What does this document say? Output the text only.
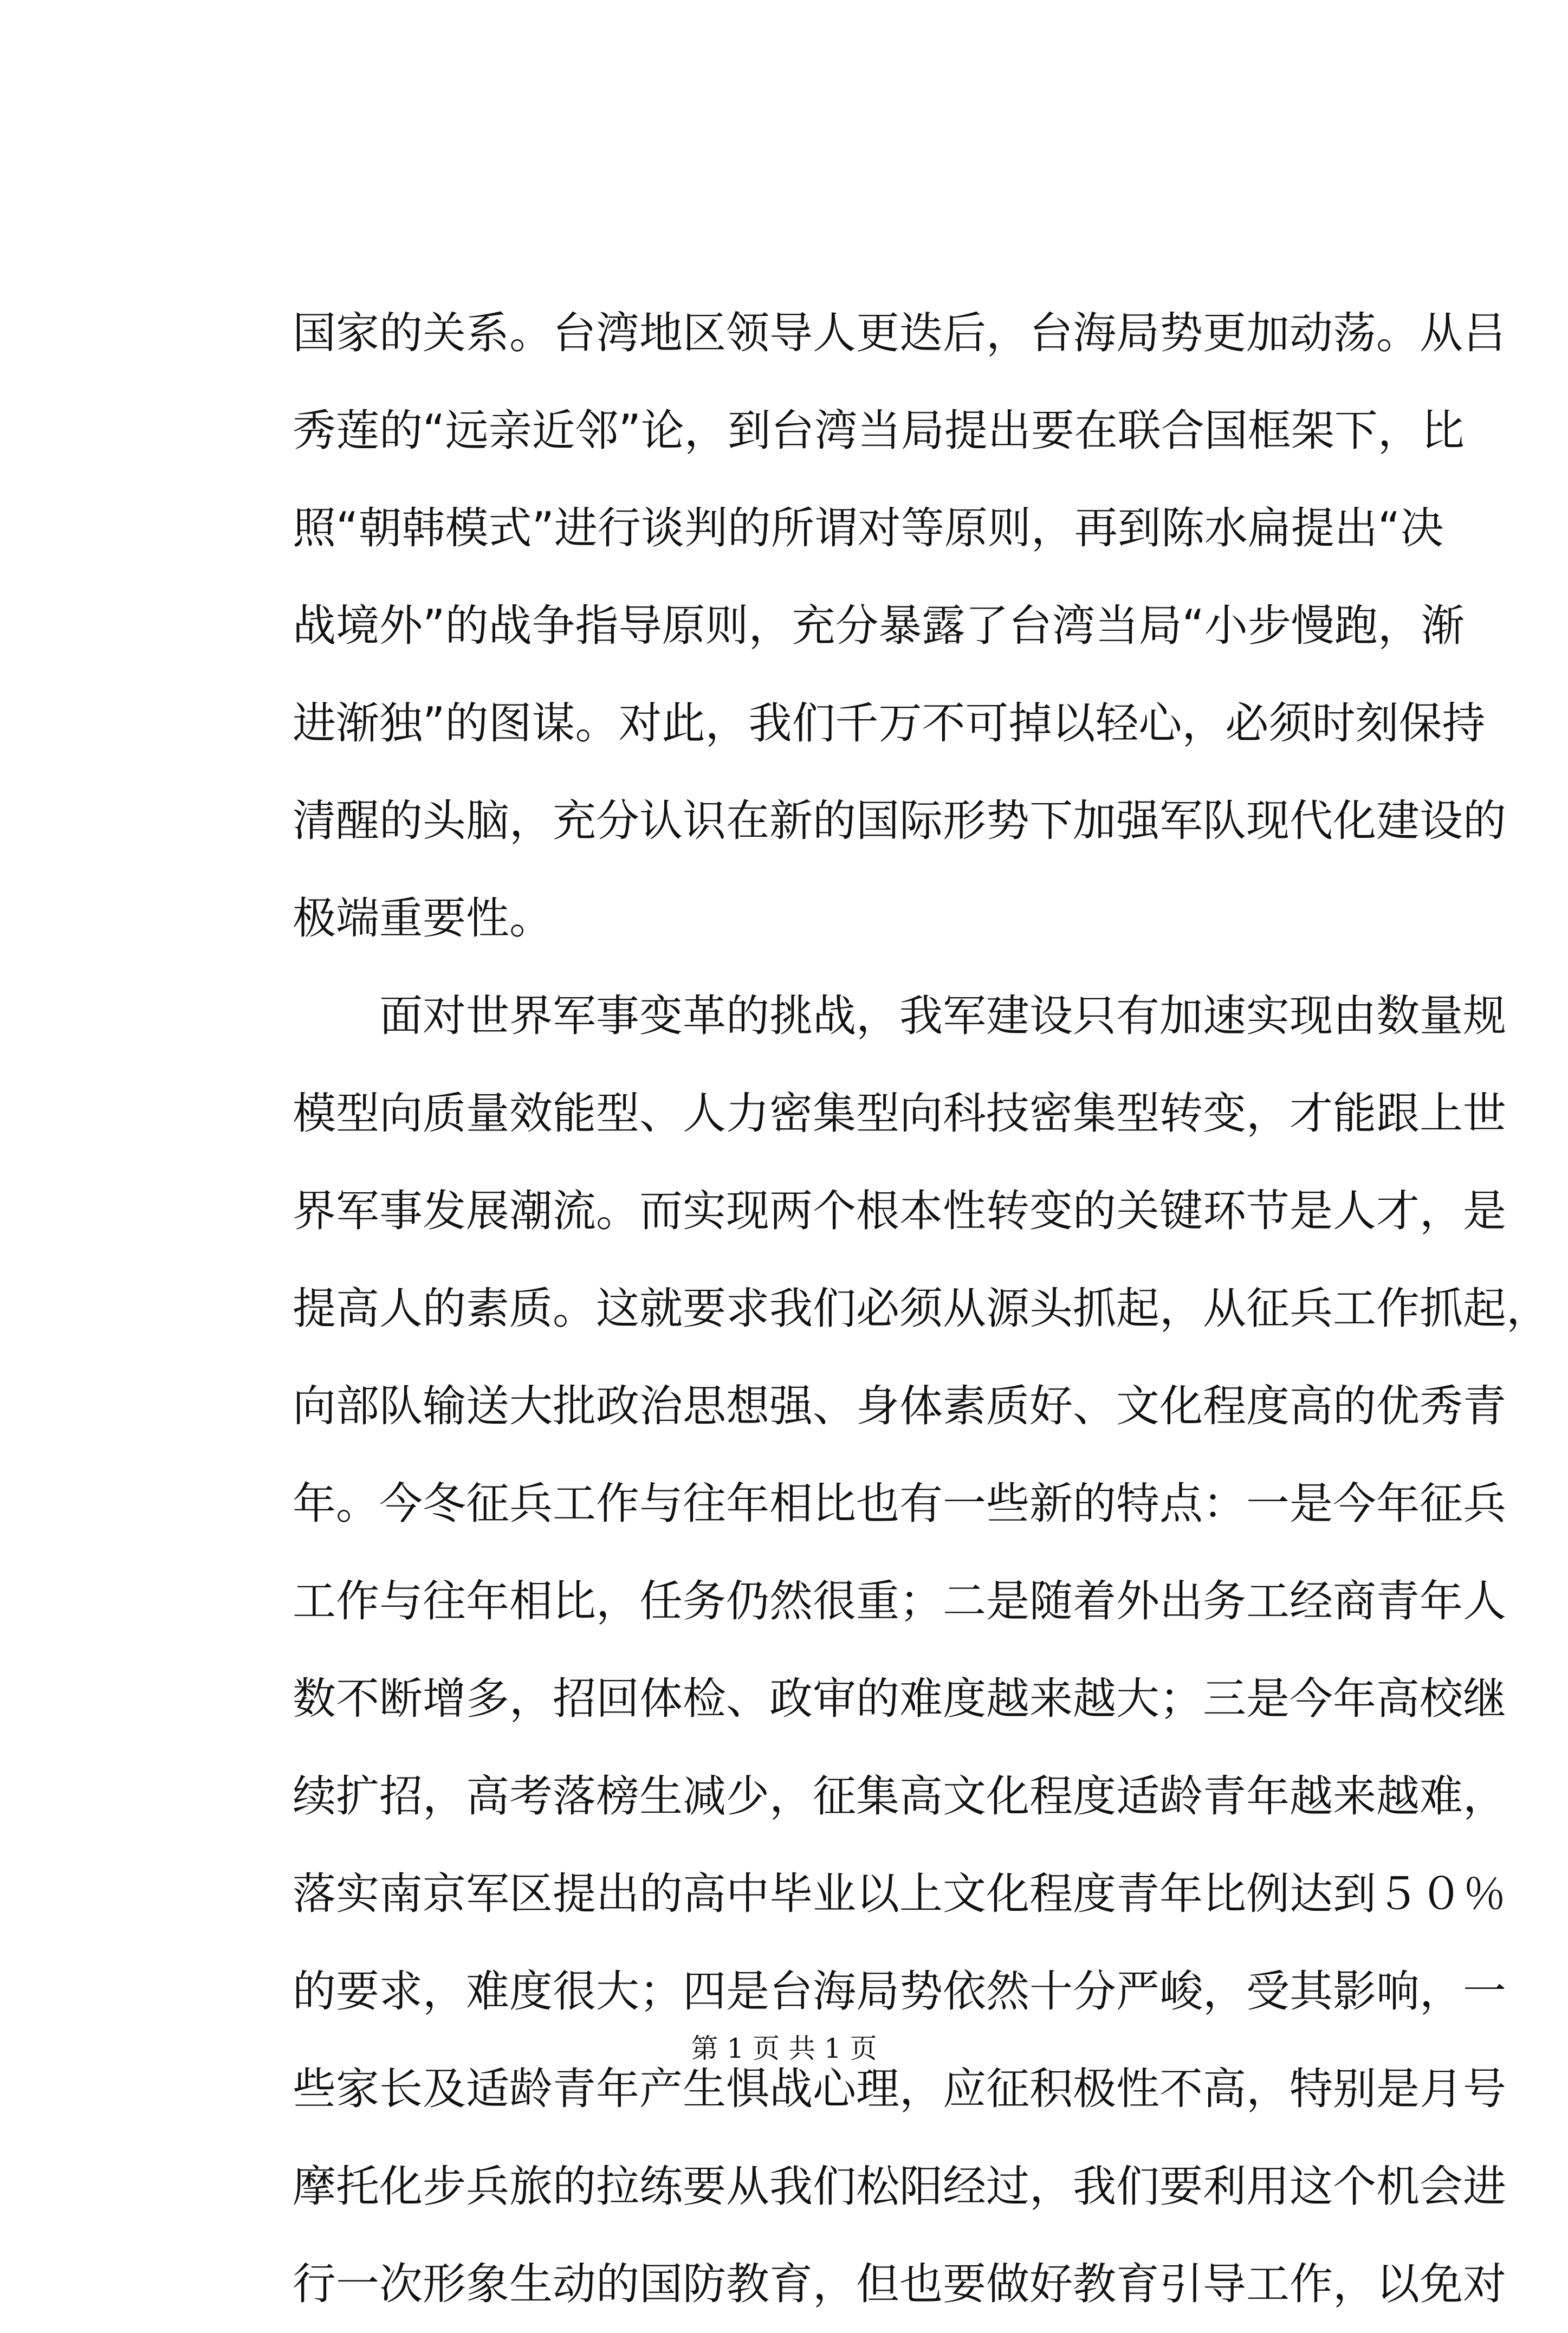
国家的关系。台湾地区领导人更迭后，台海局势更加动荡。从吕
秀莲的“远亲近邻”论，到台湾当局提出要在联合国框架下，比
照“朝韩模式”进行谈判的所谓对等原则，再到陈水扁提出“决
战境外”的战争指导原则，充分暴露了台湾当局“小步慢跑，渐
进渐独”的图谋。对此，我们千万不可掉以轻心，必须时刻保持
清醒的头脑，充分认识在新的国际形势下加强军队现代化建设的
极端重要性。
面对世界军事变革的挑战，我军建设只有加速实现由数量规
模型向质量效能型、人力密集型向科技密集型转变，才能跟上世
界军事发展潮流。而实现两个根本性转变的关键环节是人才，是
提高人的素质。这就要求我们必须从源头抓起，从征兵工作抓起，
向部队输送大批政治思想强、身体素质好、文化程度高的优秀青
年。今冬征兵工作与往年相比也有一些新的特点：一是今年征兵
工作与往年相比，任务仍然很重；二是随着外出务工经商青年人
数不断增多，招回体检、政审的难度越来越大；三是今年高校继
续扩招，高考落榜生减少，征集高文化程度适龄青年越来越难，
落实南京军区提出的高中毕业以上文化程度青年比例达到５０％
的要求，难度很大；四是台海局势依然十分严峻，受其影响，一
些家长及适龄青年产生惧战心理，应征积极性不高，特别是月号
摩托化步兵旅的拉练要从我们松阳经过，我们要利用这个机会进
行一次形象生动的国防教育，但也要做好教育引导工作，以免对
第 1 页 共 1 页
